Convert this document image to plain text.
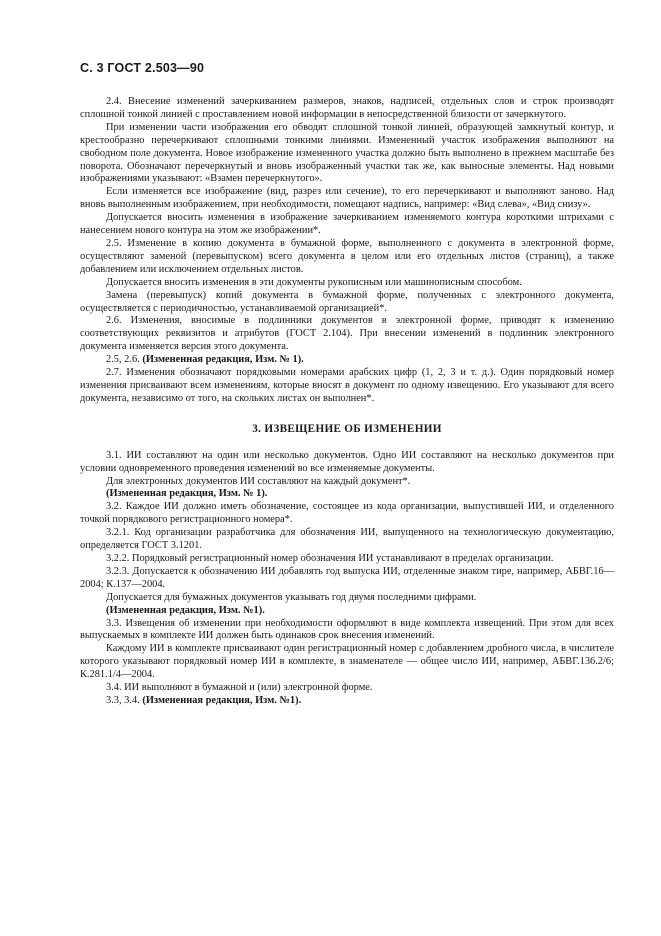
С. 3 ГОСТ 2.503—90

2.4. Внесение изменений зачеркиванием размеров, знаков, надписей, отдельных слов и строк производят сплошной тонкой линией с проставлением новой информации в непосредственной близости от зачеркнутого.

При изменении части изображения его обводят сплошной тонкой линией, образующей замкнутый контур, и крестообразно перечеркивают сплошными тонкими линиями. Измененный участок изображения выполняют на свободном поле документа. Новое изображение измененного участка должно быть выполнено в прежнем масштабе без поворота. Обозначают перечеркнутый и вновь изображенный участки так же, как выносные элементы. Над новыми изображениями указывают: «Взамен перечеркнутого».

Если изменяется все изображение (вид, разрез или сечение), то его перечеркивают и выполняют заново. Над вновь выполненным изображением, при необходимости, помещают надпись, например: «Вид слева», «Вид снизу».

Допускается вносить изменения в изображение зачеркиванием изменяемого контура короткими штрихами с нанесением нового контура на этом же изображении*.

2.5. Изменение в копию документа в бумажной форме, выполненного с документа в электронной форме, осуществляют заменой (перевыпуском) всего документа в целом или его отдельных листов (страниц), а также добавлением или исключением отдельных листов.

Допускается вносить изменения в эти документы рукописным или машинописным способом.

Замена (перевыпуск) копий документа в бумажной форме, полученных с электронного документа, осуществляется с периодичностью, устанавливаемой организацией*.

2.6. Изменения, вносимые в подлинники документов в электронной форме, приводят к изменению соответствующих реквизитов и атрибутов (ГОСТ 2.104). При внесении изменений в подлинник электронного документа изменяется версия этого документа.

2.5, 2.6. (Измененная редакция, Изм. № 1).

2.7. Изменения обозначают порядковыми номерами арабских цифр (1, 2, 3 и т. д.). Один порядковый номер изменения присваивают всем изменениям, которые вносят в документ по одному извещению. Его указывают для всего документа, независимо от того, на скольких листах он выполнен*.

3. ИЗВЕЩЕНИЕ ОБ ИЗМЕНЕНИИ

3.1. ИИ составляют на один или несколько документов. Одно ИИ составляют на несколько документов при условии одновременного проведения изменений во все изменяемые документы.

Для электронных документов ИИ составляют на каждый документ*.

(Измененная редакция, Изм. № 1).

3.2. Каждое ИИ должно иметь обозначение, состоящее из кода организации, выпустившей ИИ, и отделенного точкой порядкового регистрационного номера*.

3.2.1. Код организации разработчика для обозначения ИИ, выпущенного на технологическую документацию, определяется ГОСТ 3.1201.

3.2.2. Порядковый регистрационный номер обозначения ИИ устанавливают в пределах организации.

3.2.3. Допускается к обозначению ИИ добавлять год выпуска ИИ, отделенные знаком тире, например, АБВГ.16—2004; К.137—2004.

Допускается для бумажных документов указывать год двумя последними цифрами.

(Измененная редакция, Изм. №1).

3.3. Извещения об изменении при необходимости оформляют в виде комплекта извещений. При этом для всех выпускаемых в комплекте ИИ должен быть одинаков срок внесения изменений.

Каждому ИИ в комплекте присваивают один регистрационный номер с добавлением дробного числа, в числителе которого указывают порядковый номер ИИ в комплекте, в знаменателе — общее число ИИ, например, АБВГ.136.2/6; К.281.1/4—2004.

3.4. ИИ выполняют в бумажной и (или) электронной форме.

3.3, 3.4. (Измененная редакция, Изм. №1).
